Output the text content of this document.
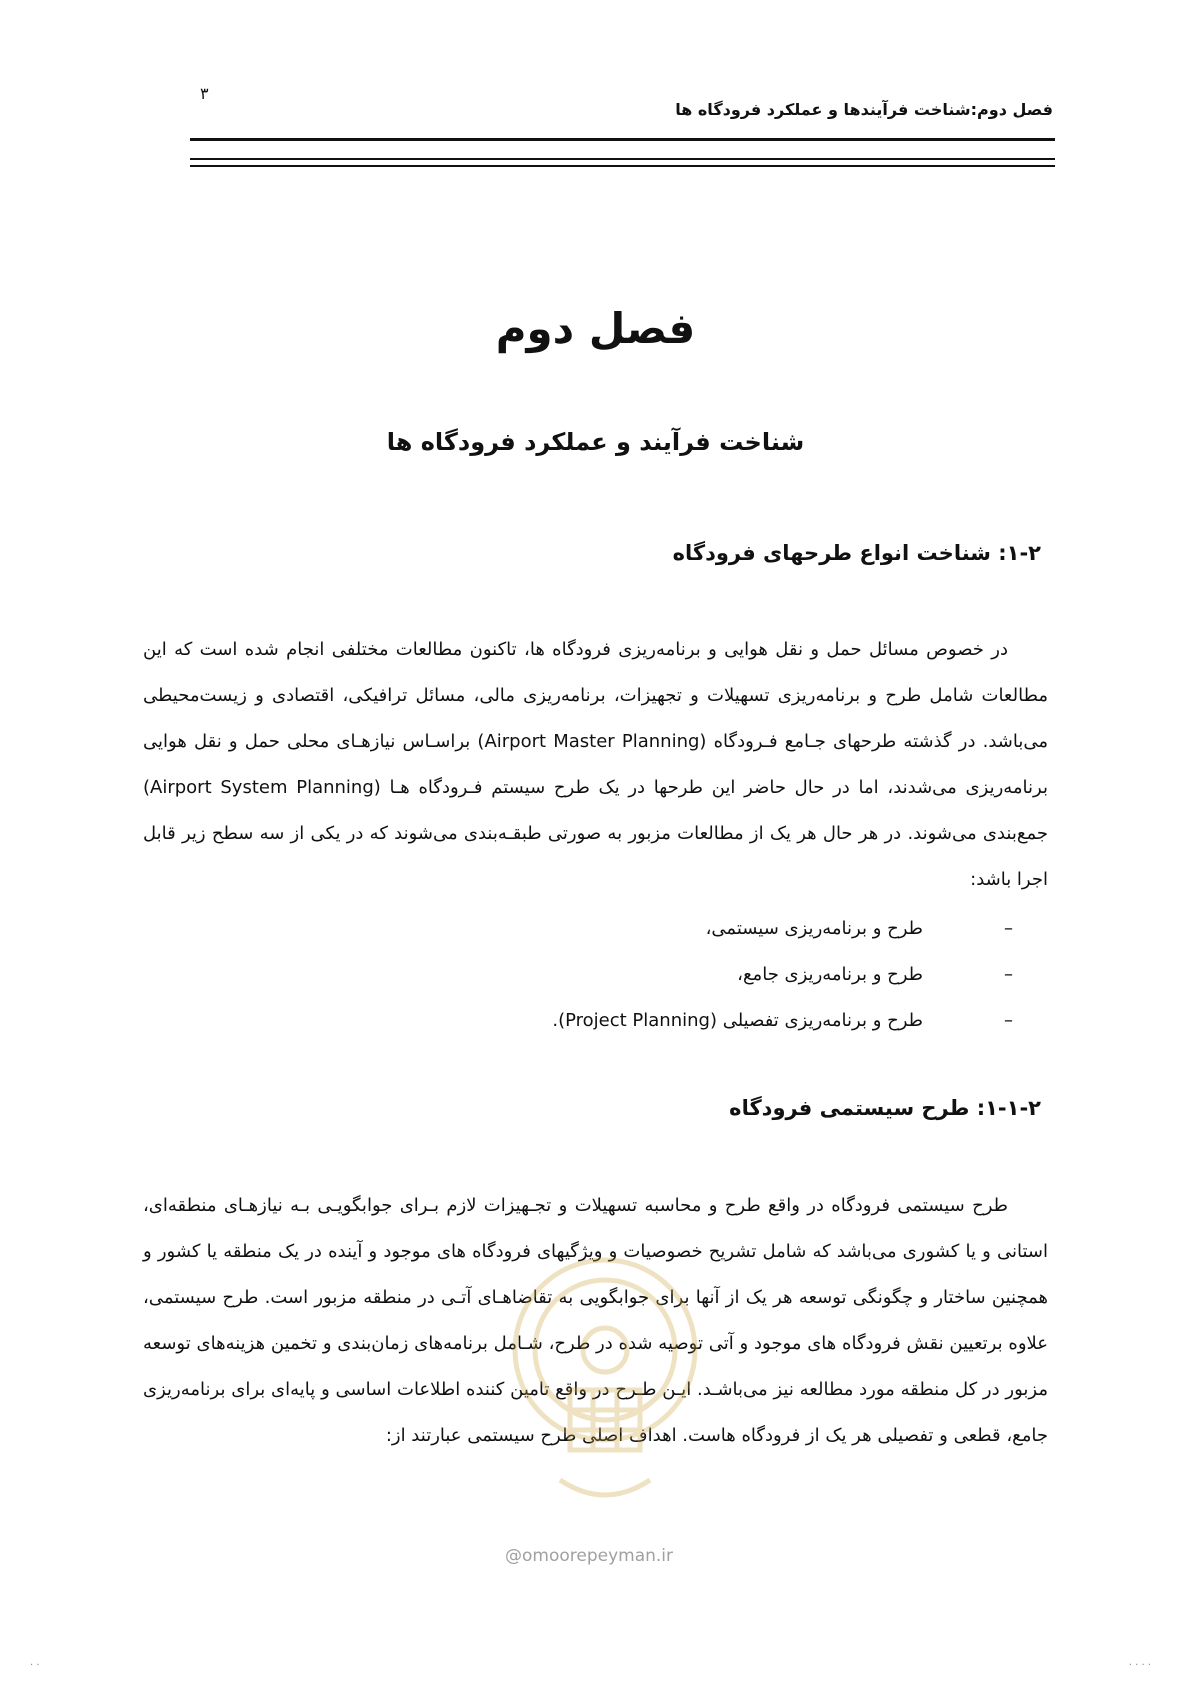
فصل دوم:شناخت فرآیندها و عملکرد فرودگاه ها
۳
فصل دوم
شناخت فرآیند و عملکرد فرودگاه ها
۱-۲: شناخت انواع طرحهای فرودگاه
در خصوص مسائل حمل و نقل هوایی و برنامه‌ریزی فرودگاه ها، تاکنون مطالعات مختلفی انجام شده است که این مطالعات شامل طرح و برنامه‌ریزی تسهیلات و تجهیزات، برنامه‌ریزی مالی، مسائل ترافیکی، اقتصادی و زیست‌محیطی می‌باشد. در گذشته طرحهای جـامع فـرودگاه (Airport Master Planning) براسـاس نیازهـای محلی حمل و نقل هوایی برنامه‌ریزی می‌شدند، اما در حال حاضر این طرحها در یک طرح سیستم فـرودگاه هـا (Airport System Planning) جمع‌بندی می‌شوند. در هر حال هر یک از مطالعات مزبور به صورتی طبقـه‌بندی می‌شوند که در یکی از سه سطح زیر قابل اجرا باشد:
–
طرح و برنامه‌ریزی سیستمی،
–
طرح و برنامه‌ریزی جامع،
–
طرح و برنامه‌ریزی تفصیلی (Project Planning).
۱-۱-۲: طرح سیستمی فرودگاه
طرح سیستمی فرودگاه در واقع طرح و محاسبه تسهیلات و تجـهیزات لازم بـرای جوابگویـی بـه نیازهـای منطقه‌ای، استانی و یا کشوری می‌باشد که شامل تشریح خصوصیات و ویژگیهای فرودگاه های موجود و آینده در یک منطقه یا کشور و همچنین ساختار و چگونگی توسعه هر یک از آنها برای جوابگویی به تقاضاهـای آتـی در منطقه مزبور است. طرح سیستمی، علاوه برتعیین نقش فرودگاه های موجود و آتی توصیه شده در طرح، شـامل برنامه‌های زمان‌بندی و تخمین هزینه‌های توسعه مزبور در کل منطقه مورد مطالعه نیز می‌باشـد. ایـن طـرح در واقع تامین کننده اطلاعات اساسی و پایه‌ای برای برنامه‌ریزی جامع، قطعی و تفصیلی هر یک از فرودگاه هاست. اهداف اصلی طرح سیستمی عبارتند از:
@omoorepeyman.ir
· ·	· · · ·
